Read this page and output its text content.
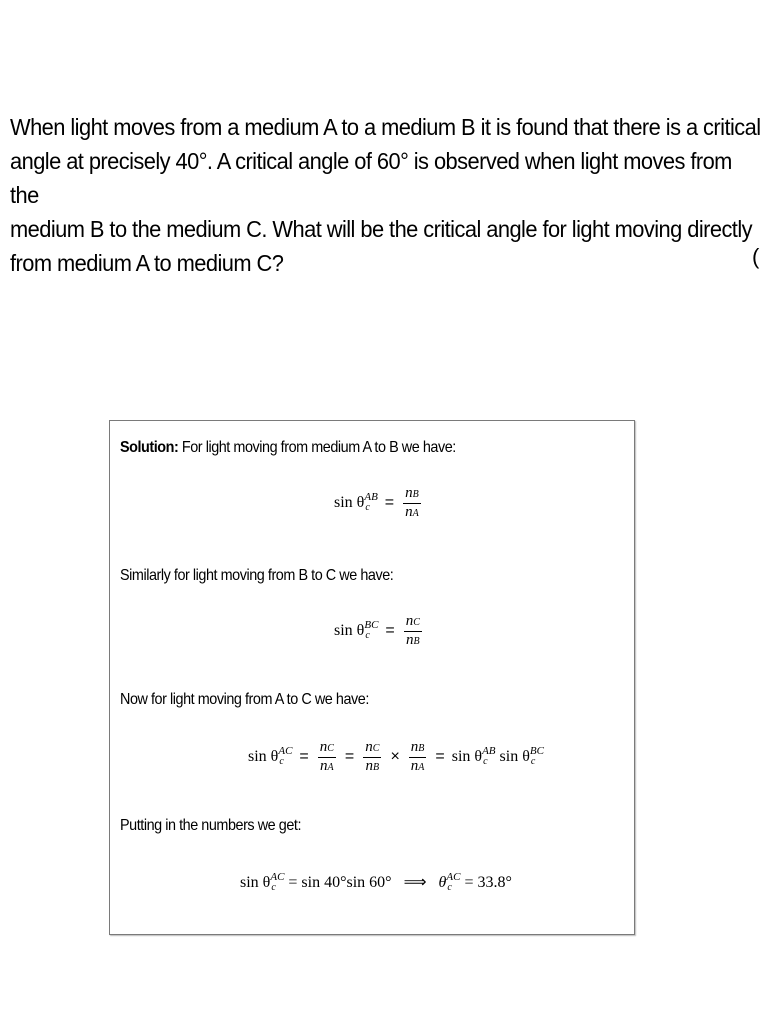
When light moves from a medium A to a medium B it is found that there is a critical
angle at precisely 40°. A critical angle of 60° is observed when light moves from the
medium B to the medium C. What will be the critical angle for light moving directly
from medium A to medium C?	(
Solution: For light moving from medium A to B we have:
sin θAB
$c = \frac{nB}{nA}$
Similarly for light moving from B to C we have:
sin θBC
$c = \frac{nC}{nB}$
Now for light moving from A to C we have:
sin θAC
$c = \frac{nC}{nA} = \frac{nC}{nB} \times \frac{nB}{nA} = \sin \theta AB$
c sin θBC
c
Putting in the numbers we get:
sin θAC
c = sin 40°sin 60° ⟹ θAC
c = 33.8°
